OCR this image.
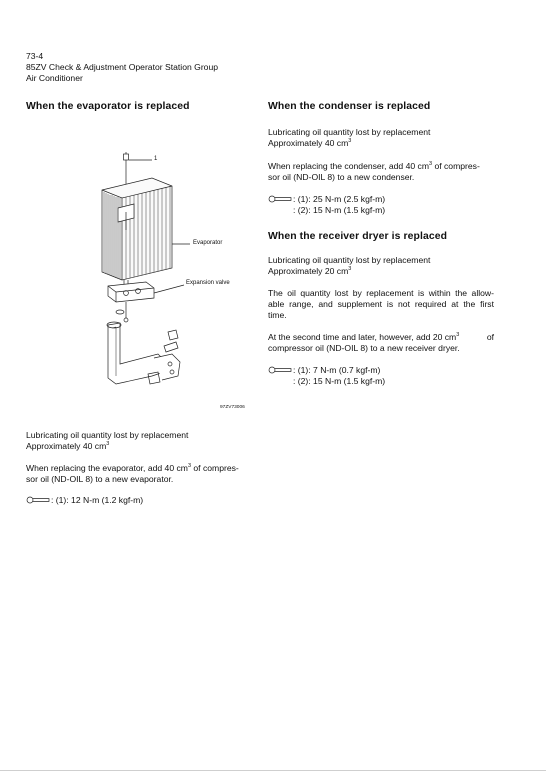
73-4
85ZV Check & Adjustment Operator Station Group
Air Conditioner
When the evaporator is replaced
1
Evaporator
Expansion valve
97ZV73006
Lubricating oil quantity lost by replacement
Approximately 40 $cm^3$
When replacing the evaporator, add 40 $cm^3$ of compres-
sor oil (ND-OIL 8) to a new evaporator.
: (1): 12 N-m (1.2 kgf-m)
When the condenser is replaced
Lubricating oil quantity lost by replacement
Approximately 40 $cm^3$
When replacing the condenser, add 40 $cm^3$ of compres-
sor oil (ND-OIL 8) to a new condenser.
: (1): 25 N-m (2.5 kgf-m)
: (2): 15 N-m (1.5 kgf-m)
When the receiver dryer is replaced
Lubricating oil quantity lost by replacement
Approximately 20 $cm^3$
The oil quantity lost by replacement is within the allow-
able range, and supplement is not required at the first
time.
At the second time and later, however, add 20 $cm^3$	of
compressor oil (ND-OIL 8) to a new receiver dryer.
: (1): 7 N-m (0.7 kgf-m)
: (2): 15 N-m (1.5 kgf-m)
